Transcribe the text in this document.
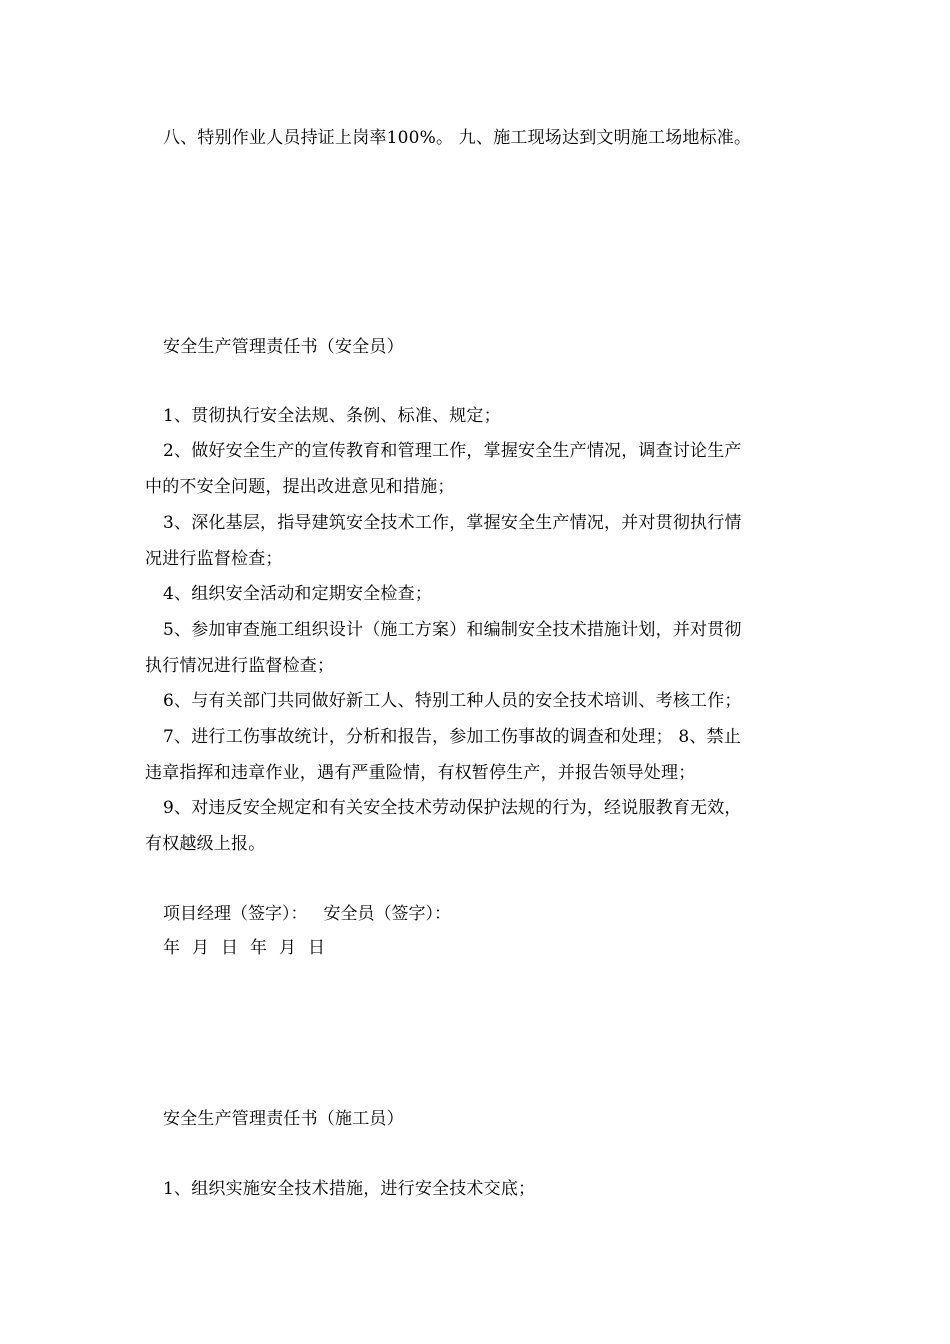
八、特别作业人员持证上岗率100%。 九、施工现场达到文明施工场地标准。
安全生产管理责任书（安全员）
1、贯彻执行安全法规、条例、标准、规定；
2、做好安全生产的宣传教育和管理工作，掌握安全生产情况，调查讨论生产
中的不安全问题，提出改进意见和措施；
3、深化基层，指导建筑安全技术工作，掌握安全生产情况，并对贯彻执行情
况进行监督检查；
4、组织安全活动和定期安全检查；
5、参加审查施工组织设计（施工方案）和编制安全技术措施计划，并对贯彻
执行情况进行监督检查；
6、与有关部门共同做好新工人、特别工种人员的安全技术培训、考核工作；
7、进行工伤事故统计，分析和报告，参加工伤事故的调查和处理； 8、禁止
违章指挥和违章作业，遇有严重险情，有权暂停生产，并报告领导处理；
9、对违反安全规定和有关安全技术劳动保护法规的行为，经说服教育无效，
有权越级上报。
项目经理（签字）： 安全员（签字）：
年 月 日 年 月 日
安全生产管理责任书（施工员）
1、组织实施安全技术措施，进行安全技术交底；
